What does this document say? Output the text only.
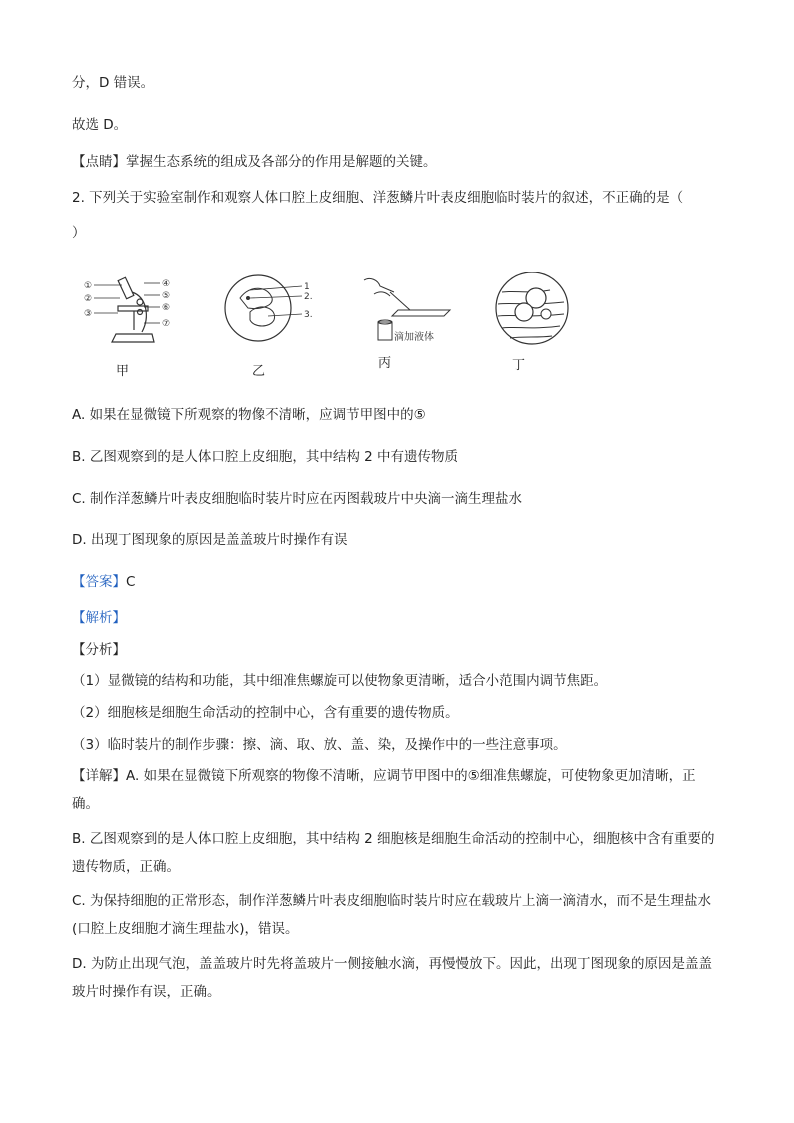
分，D 错误。
故选 D。
【点睛】掌握生态系统的组成及各部分的作用是解题的关键。
2. 下列关于实验室制作和观察人体口腔上皮细胞、洋葱鳞片叶表皮细胞临时装片的叙述，不正确的是（
）
①
②
③
④
⑤
⑥
⑦
甲
1
2.
3.
乙
滴加液体
丙	丁
A. 如果在显微镜下所观察的物像不清晰，应调节甲图中的⑤
B. 乙图观察到的是人体口腔上皮细胞，其中结构 2 中有遗传物质
C. 制作洋葱鳞片叶表皮细胞临时装片时应在丙图载玻片中央滴一滴生理盐水
D. 出现丁图现象的原因是盖盖玻片时操作有误
【答案】C
【解析】
【分析】
（1）显微镜的结构和功能，其中细准焦螺旋可以使物象更清晰，适合小范围内调节焦距。
（2）细胞核是细胞生命活动的控制中心，含有重要的遗传物质。
（3）临时装片的制作步骤：擦、滴、取、放、盖、染，及操作中的一些注意事项。
【详解】A. 如果在显微镜下所观察的物像不清晰，应调节甲图中的⑤细准焦螺旋，可使物象更加清晰，正确。
B. 乙图观察到的是人体口腔上皮细胞，其中结构 2 细胞核是细胞生命活动的控制中心，细胞核中含有重要的遗传物质，正确。
C. 为保持细胞的正常形态，制作洋葱鳞片叶表皮细胞临时装片时应在载玻片上滴一滴清水，而不是生理盐水(口腔上皮细胞才滴生理盐水)，错误。
D. 为防止出现气泡，盖盖玻片时先将盖玻片一侧接触水滴，再慢慢放下。因此，出现丁图现象的原因是盖盖玻片时操作有误，正确。
